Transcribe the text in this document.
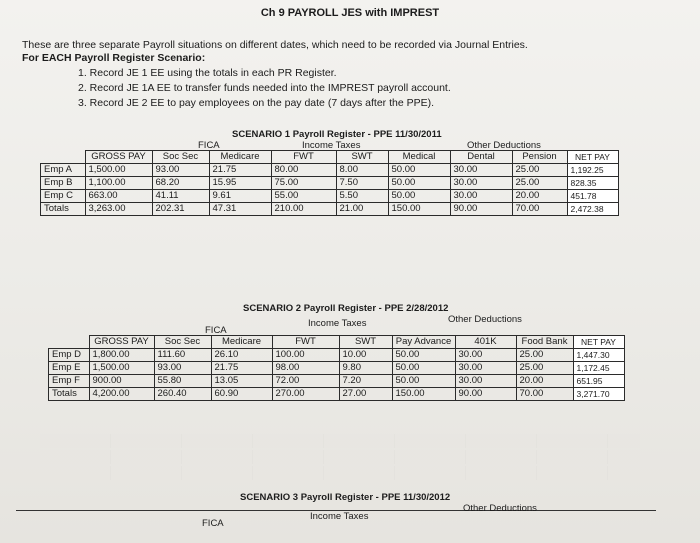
Ch 9 PAYROLL JES with IMPREST
These are three separate Payroll situations on different dates, which need to be recorded via Journal Entries.
For EACH Payroll Register Scenario:
1. Record JE 1 EE using the totals in each PR Register.
2. Record JE 1A EE to transfer funds needed into the IMPREST payroll account.
3. Record JE 2 EE to pay employees on the pay date (7 days after the PPE).
SCENARIO 1 Payroll Register - PPE 11/30/2011
FICA	Income Taxes	Other Deductions
	GROSS PAY	Soc Sec	Medicare	FWT	SWT	Medical	Dental	Pension	NET PAY
Emp A	1,500.00	93.00	21.75	80.00	8.00	50.00	30.00	25.00	1,192.25
Emp B	1,100.00	68.20	15.95	75.00	7.50	50.00	30.00	25.00	828.35
Emp C	663.00	41.11	9.61	55.00	5.50	50.00	30.00	20.00	451.78
Totals	3,263.00	202.31	47.31	210.00	21.00	150.00	90.00	70.00	2,472.38
SCENARIO 2 Payroll Register - PPE 2/28/2012
FICA
Income Taxes	Other Deductions
	GROSS PAY	Soc Sec	Medicare	FWT	SWT	Pay Advance	401K	Food Bank	NET PAY
Emp D	1,800.00	111.60	26.10	100.00	10.00	50.00	30.00	25.00	1,447.30
Emp E	1,500.00	93.00	21.75	98.00	9.80	50.00	30.00	25.00	1,172.45
Emp F	900.00	55.80	13.05	72.00	7.20	50.00	30.00	20.00	651.95
Totals	4,200.00	260.40	60.90	270.00	27.00	150.00	90.00	70.00	3,271.70
SCENARIO 3 Payroll Register - PPE 11/30/2012
FICA
Income Taxes
Other Deductions
